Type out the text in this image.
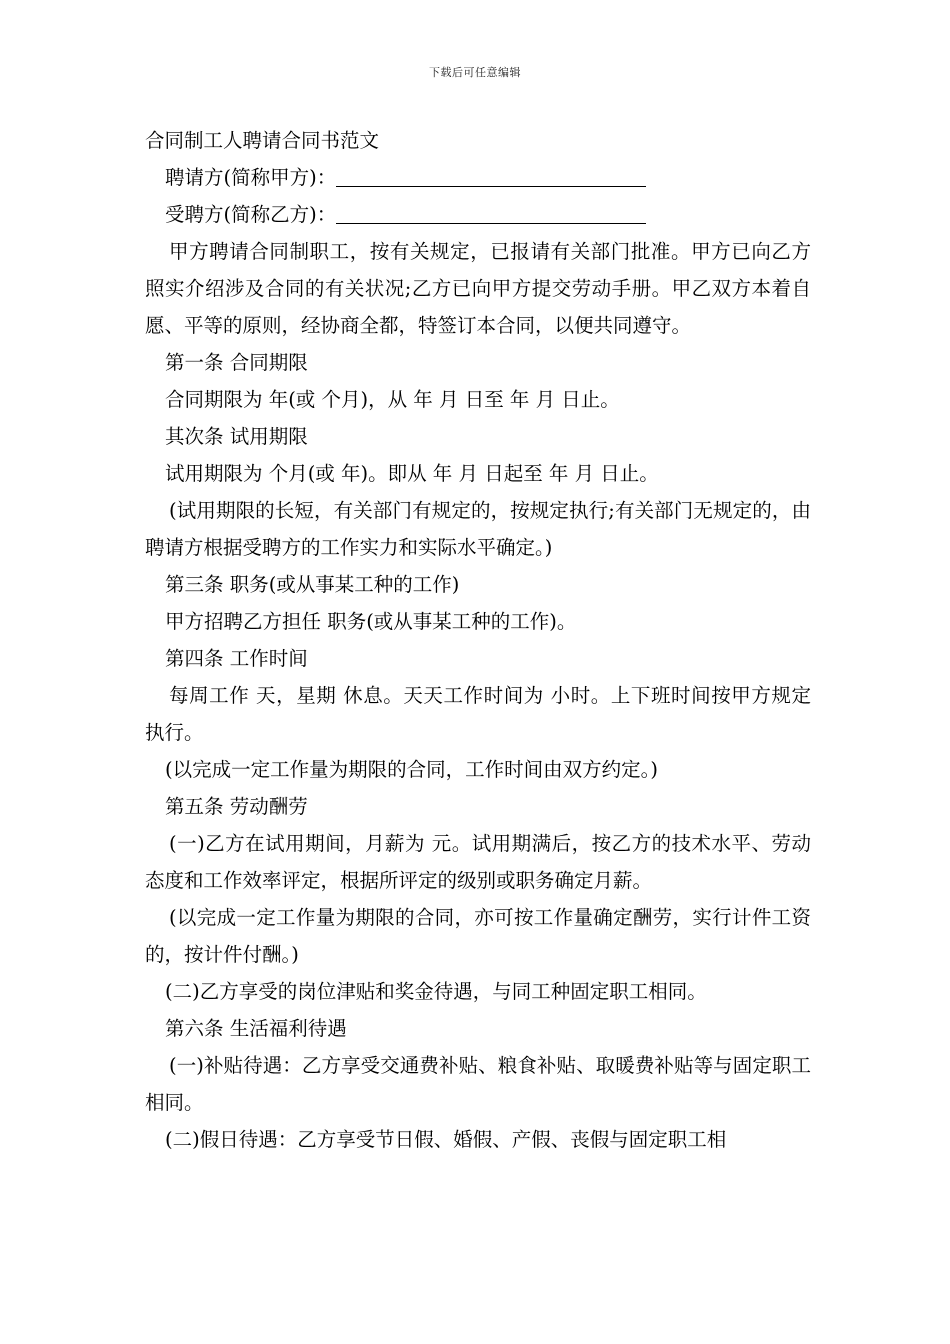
下载后可任意编辑
合同制工人聘请合同书范文
聘请方(简称甲方)：
受聘方(简称乙方)：
甲方聘请合同制职工，按有关规定，已报请有关部门批准。甲方已向乙方照实介绍涉及合同的有关状况;乙方已向甲方提交劳动手册。甲乙双方本着自愿、平等的原则，经协商全都，特签订本合同，以便共同遵守。
第一条 合同期限
合同期限为 年(或 个月)，从 年 月 日至 年 月 日止。
其次条 试用期限
试用期限为 个月(或 年)。即从 年 月 日起至 年 月 日止。
(试用期限的长短，有关部门有规定的，按规定执行;有关部门无规定的，由聘请方根据受聘方的工作实力和实际水平确定。)
第三条 职务(或从事某工种的工作)
甲方招聘乙方担任 职务(或从事某工种的工作)。
第四条 工作时间
每周工作 天，星期 休息。天天工作时间为 小时。上下班时间按甲方规定执行。
(以完成一定工作量为期限的合同，工作时间由双方约定。)
第五条 劳动酬劳
(一)乙方在试用期间，月薪为 元。试用期满后，按乙方的技术水平、劳动态度和工作效率评定，根据所评定的级别或职务确定月薪。
(以完成一定工作量为期限的合同，亦可按工作量确定酬劳，实行计件工资的，按计件付酬。)
(二)乙方享受的岗位津贴和奖金待遇，与同工种固定职工相同。
第六条 生活福利待遇
(一)补贴待遇：乙方享受交通费补贴、粮食补贴、取暖费补贴等与固定职工相同。
(二)假日待遇：乙方享受节日假、婚假、产假、丧假与固定职工相
